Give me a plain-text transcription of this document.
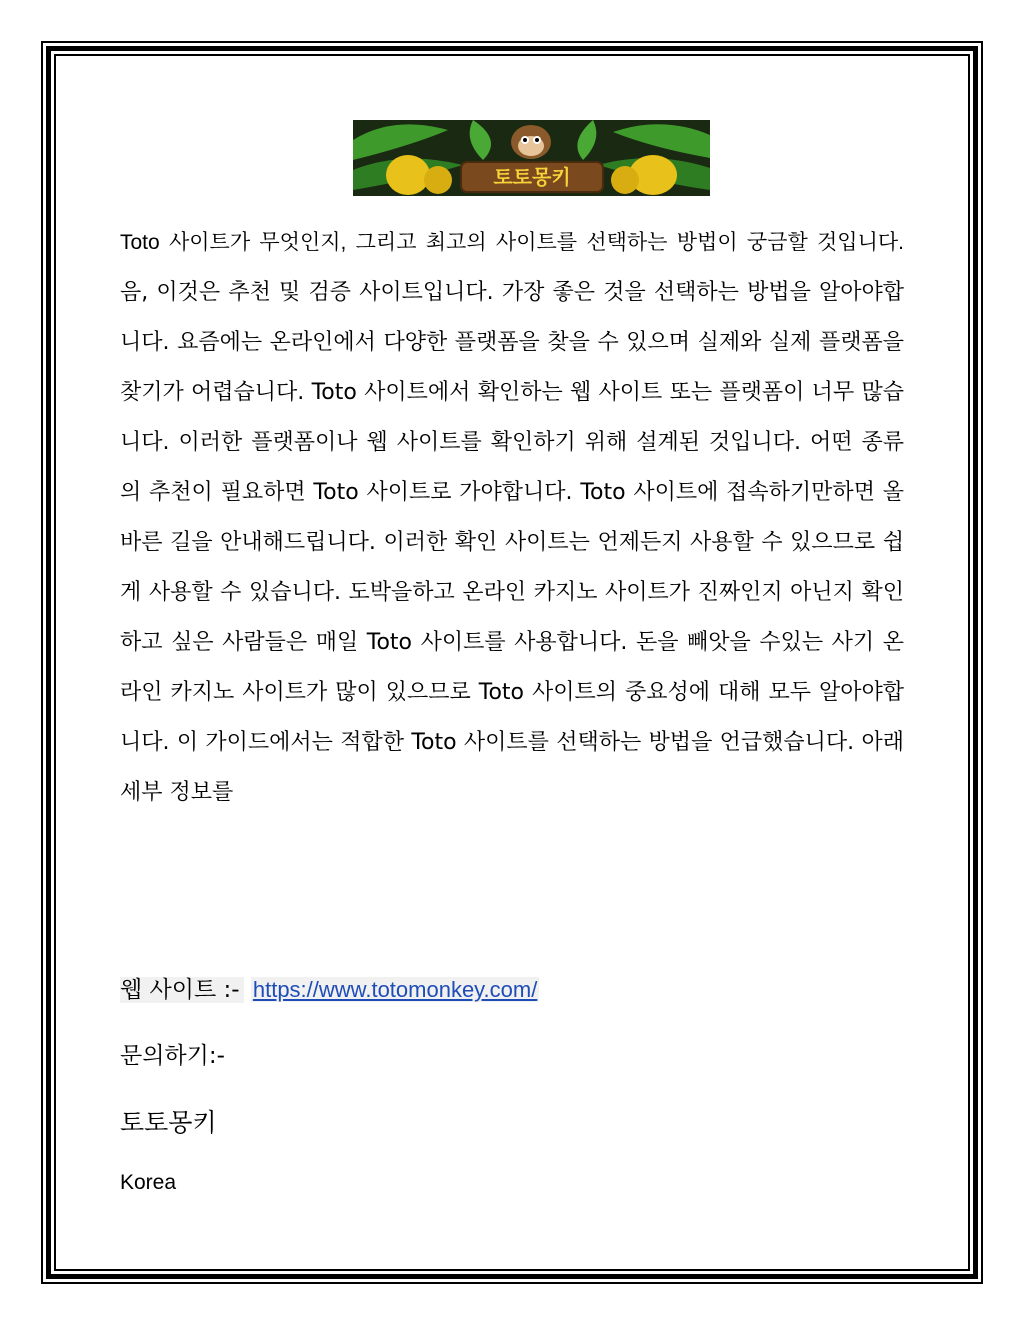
토토몽키

Toto 사이트가 무엇인지, 그리고 최고의 사이트를 선택하는 방법이 궁금할 것입니다. 음, 이것은 추천 및 검증 사이트입니다. 가장 좋은 것을 선택하는 방법을 알아야합니다. 요즘에는 온라인에서 다양한 플랫폼을 찾을 수 있으며 실제와 실제 플랫폼을 찾기가 어렵습니다. Toto 사이트에서 확인하는 웹 사이트 또는 플랫폼이 너무 많습니다. 이러한 플랫폼이나 웹 사이트를 확인하기 위해 설계된 것입니다. 어떤 종류의 추천이 필요하면 Toto 사이트로 가야합니다. Toto 사이트에 접속하기만하면 올바른 길을 안내해드립니다. 이러한 확인 사이트는 언제든지 사용할 수 있으므로 쉽게 사용할 수 있습니다. 도박을하고 온라인 카지노 사이트가 진짜인지 아닌지 확인하고 싶은 사람들은 매일 Toto 사이트를 사용합니다. 돈을 빼앗을 수있는 사기 온라인 카지노 사이트가 많이 있으므로 Toto 사이트의 중요성에 대해 모두 알아야합니다. 이 가이드에서는 적합한 Toto 사이트를 선택하는 방법을 언급했습니다. 아래 세부 정보를

웹 사이트 :- https://www.totomonkey.com/
문의하기:-
토토몽키
Korea
